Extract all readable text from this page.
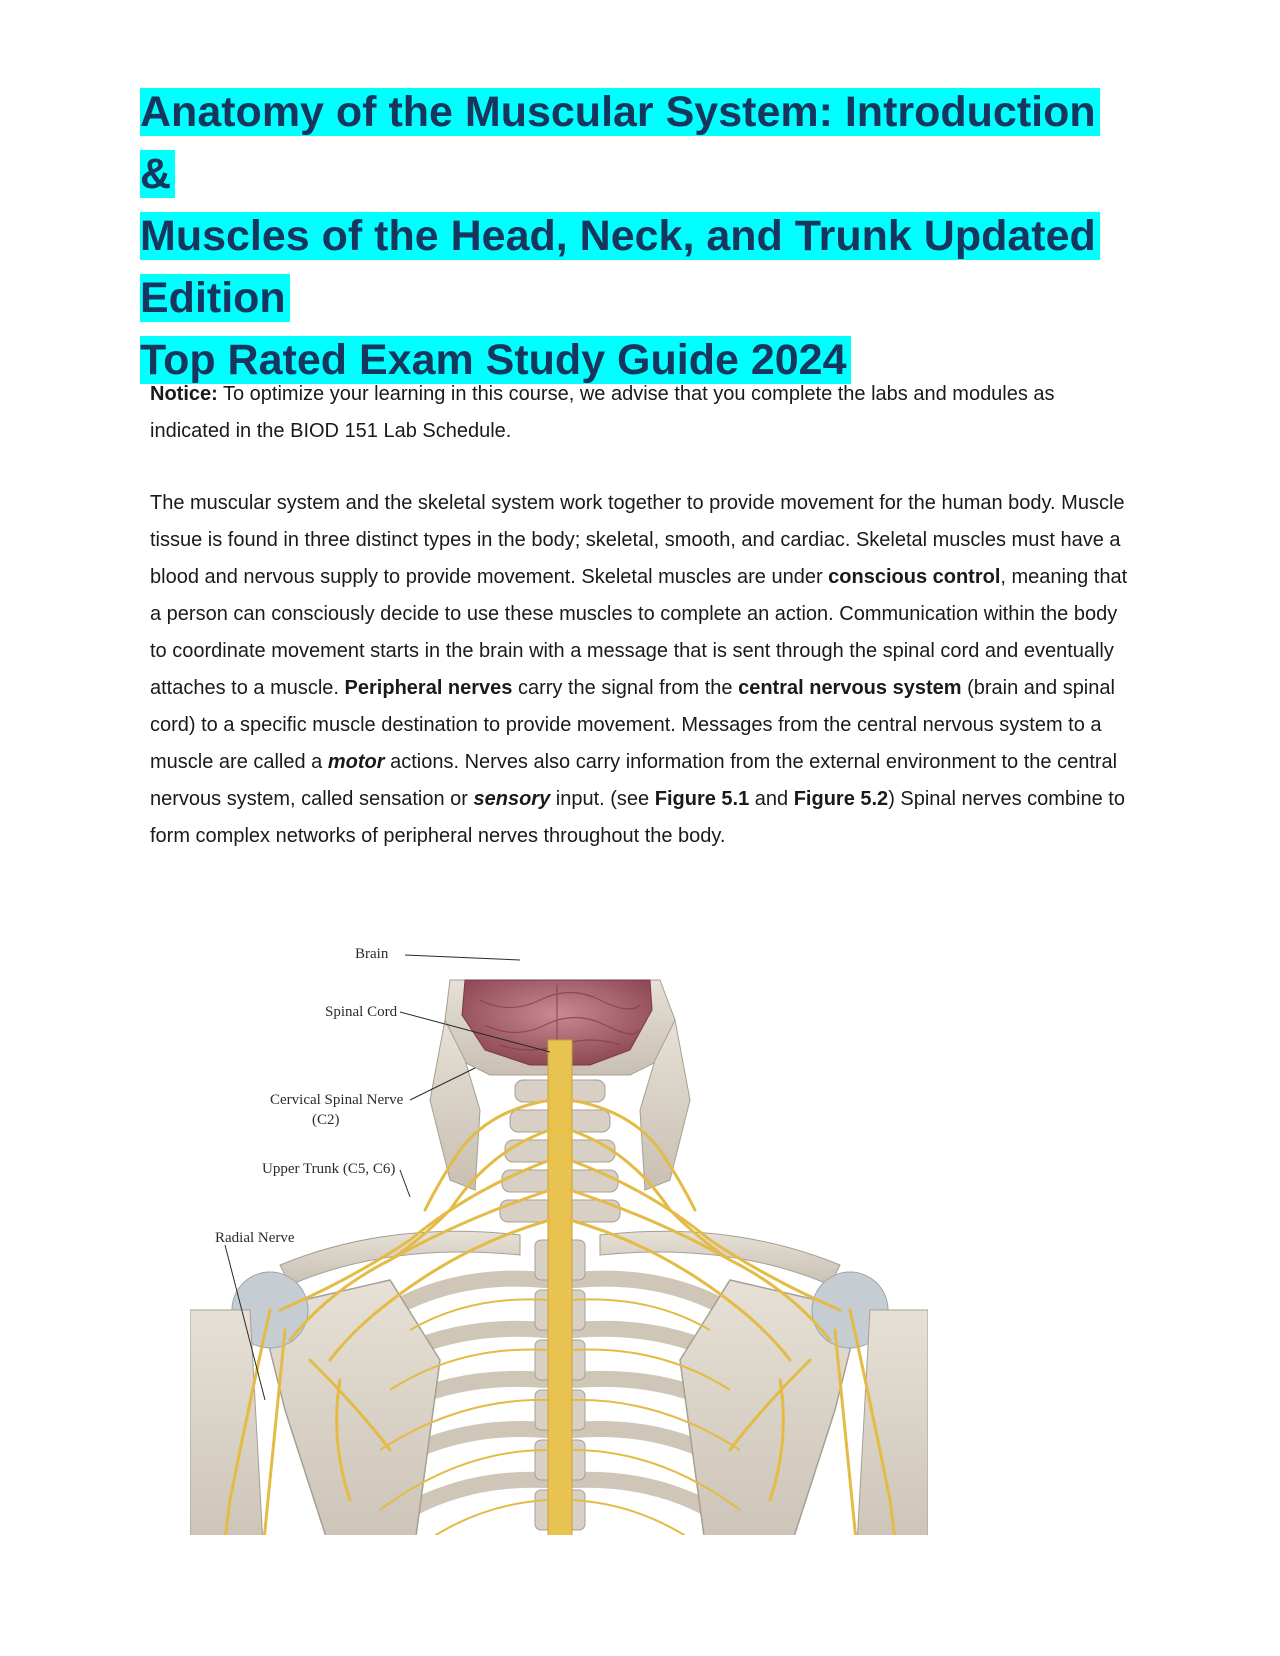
Anatomy of the Muscular System: Introduction &

Muscles of the Head, Neck, and Trunk Updated

Edition

Top Rated Exam Study Guide 2024

Notice: To optimize your learning in this course, we advise that you complete the labs and modules as indicated in the BIOD 151 Lab Schedule.

The muscular system and the skeletal system work together to provide movement for the human body. Muscle tissue is found in three distinct types in the body; skeletal, smooth, and cardiac. Skeletal muscles must have a blood and nervous supply to provide movement. Skeletal muscles are under conscious control, meaning that a person can consciously decide to use these muscles to complete an action. Communication within the body to coordinate movement starts in the brain with a message that is sent through the spinal cord and eventually attaches to a muscle. Peripheral nerves carry the signal from the central nervous system (brain and spinal cord) to a specific muscle destination to provide movement. Messages from the central nervous system to a muscle are called a motor actions. Nerves also carry information from the external environment to the central nervous system, called sensation or sensory input. (see Figure 5.1 and Figure 5.2) Spinal nerves combine to form complex networks of peripheral nerves throughout the body.

Brain
Spinal Cord
Cervical Spinal Nerve
(C2)
Upper Trunk (C5, C6)
Radial Nerve
